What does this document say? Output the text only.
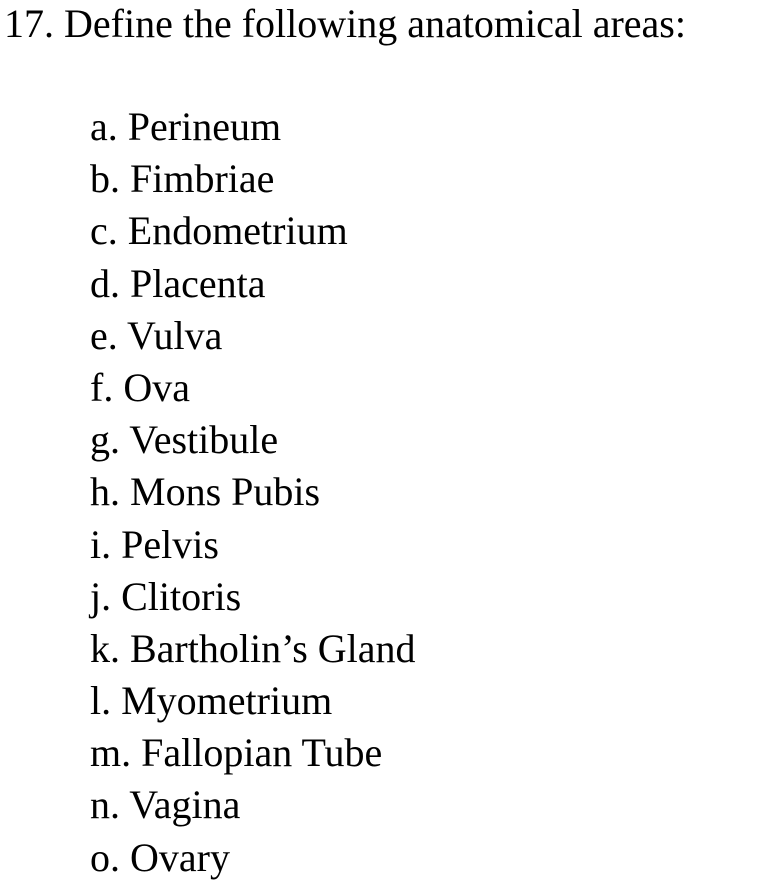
17. Define the following anatomical areas:
a. Perineum
b. Fimbriae
c. Endometrium
d. Placenta
e. Vulva
f. Ova
g. Vestibule
h. Mons Pubis
i. Pelvis
j. Clitoris
k. Bartholin’s Gland
l. Myometrium
m. Fallopian Tube
n. Vagina
o. Ovary
